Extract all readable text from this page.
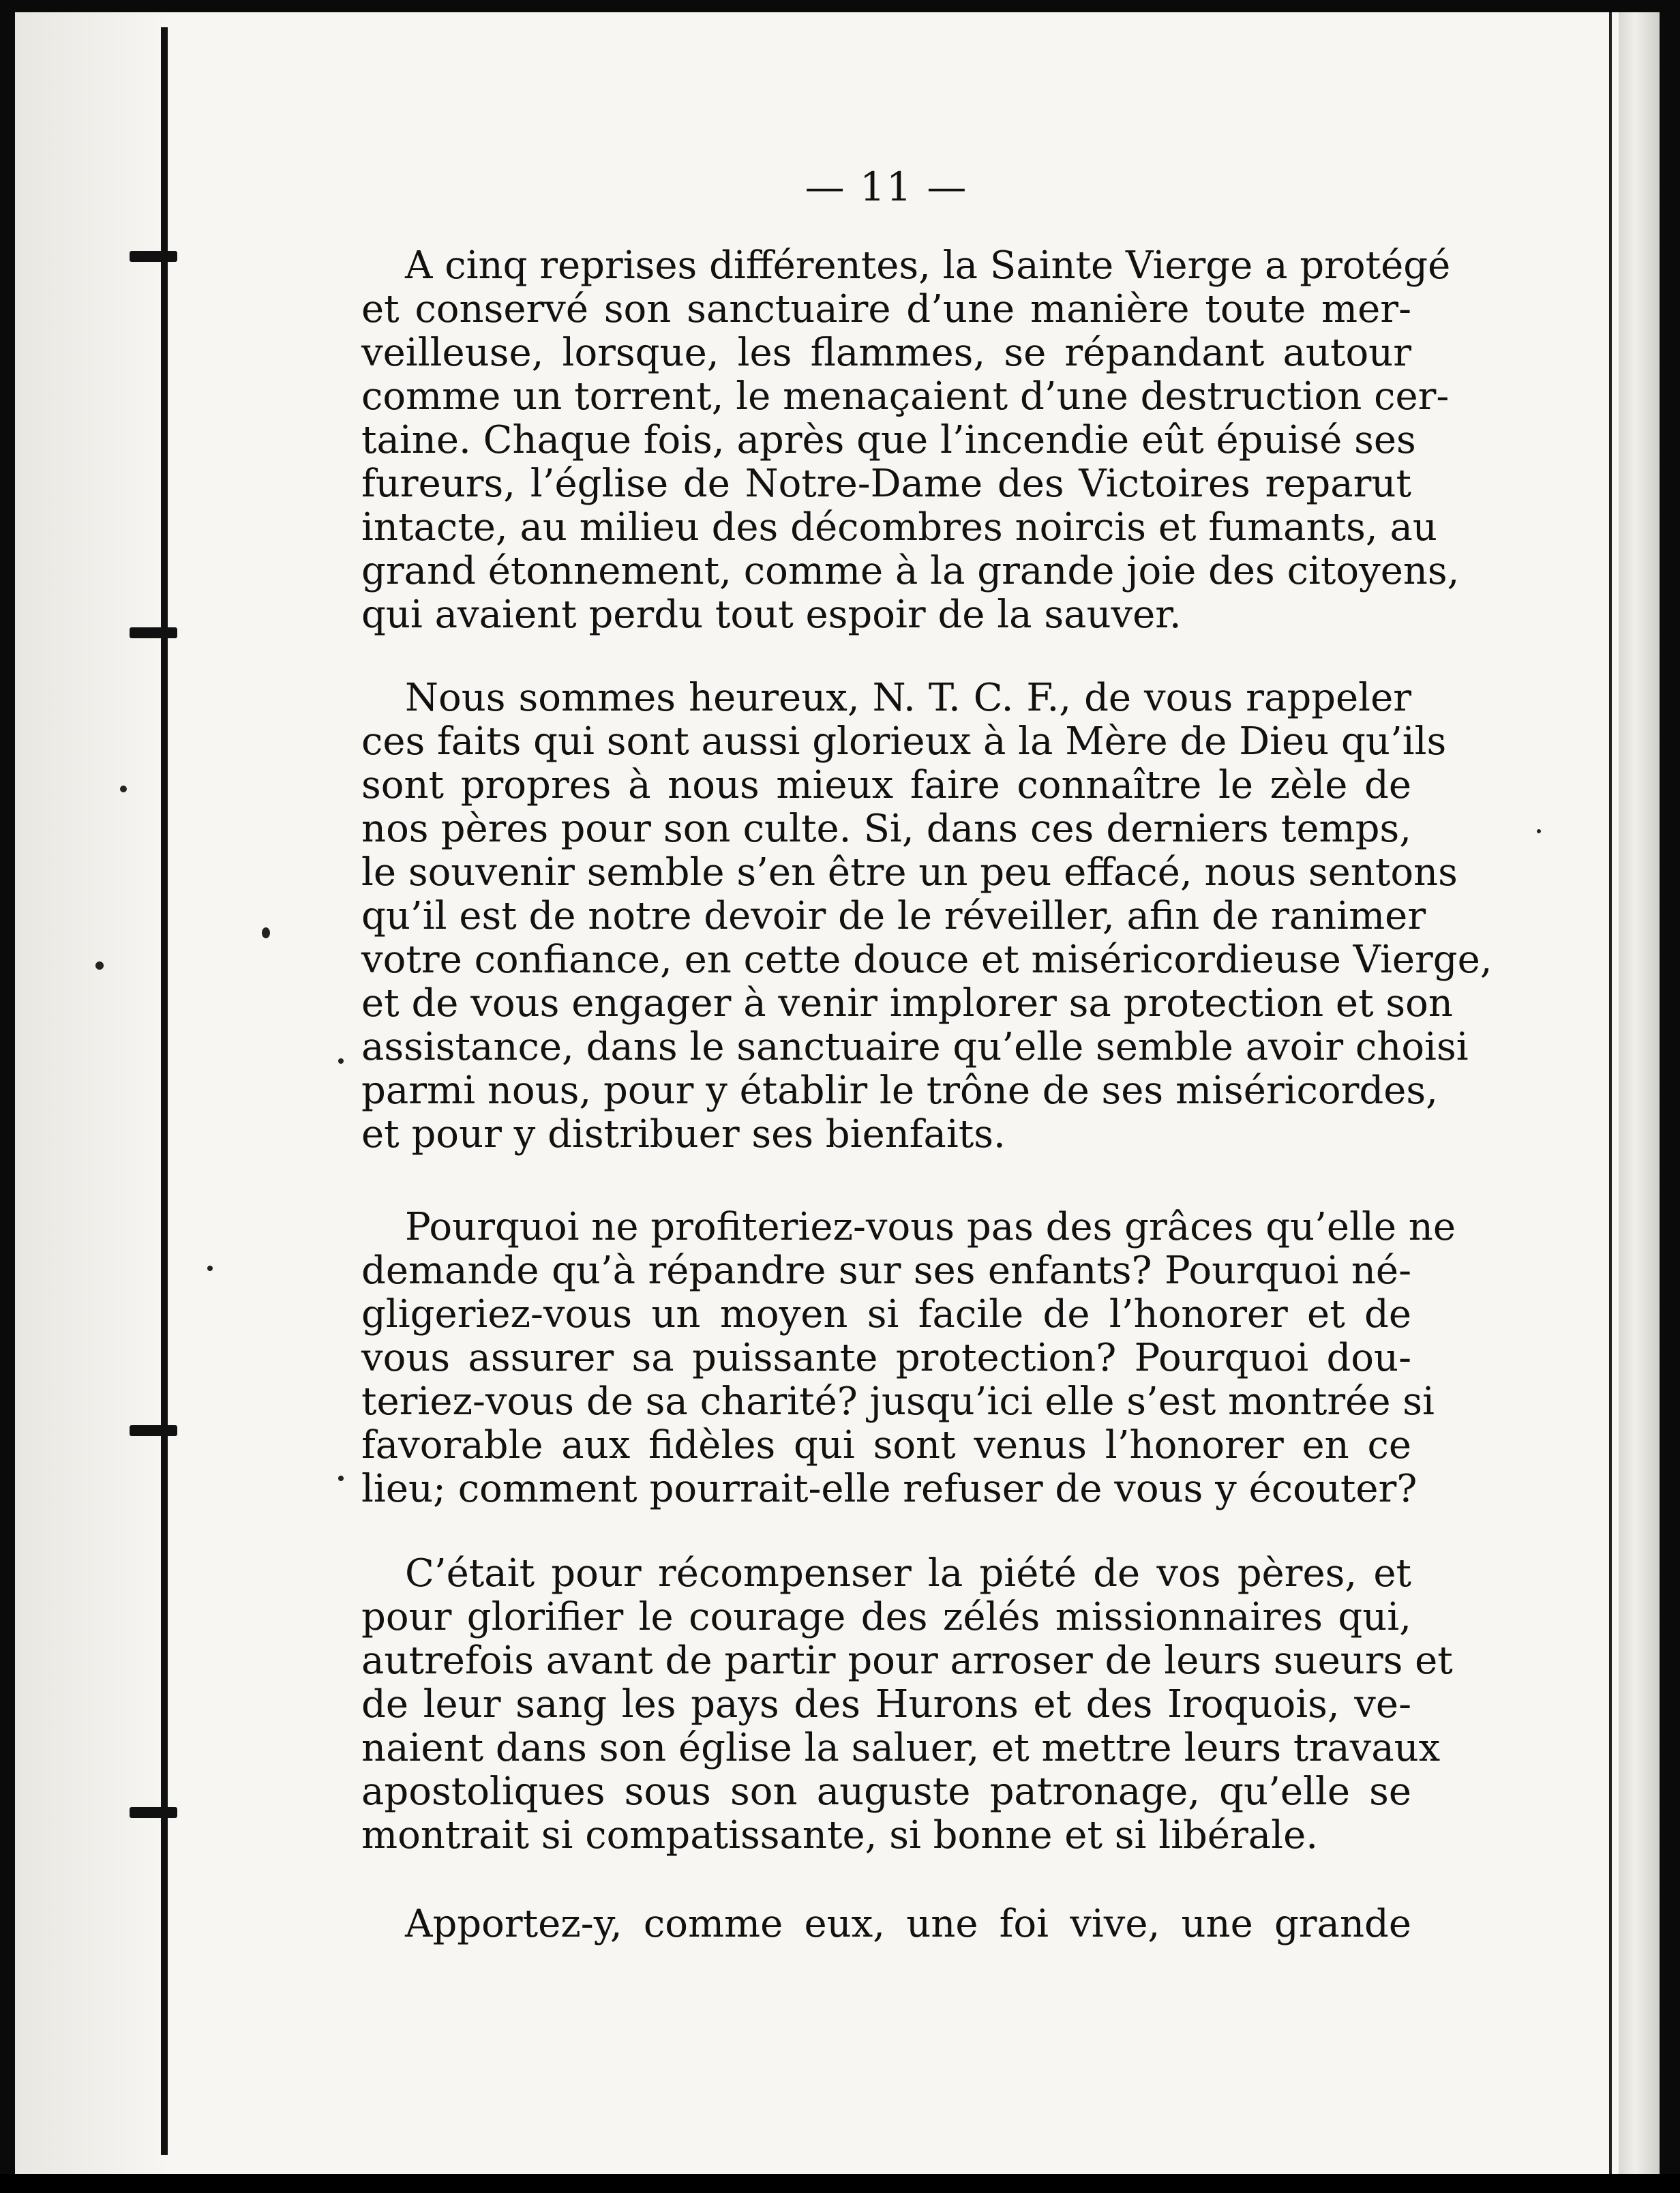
— 11 —
A cinq reprises différentes, la Sainte Vierge a protégé
et conservé son sanctuaire d’une manière toute mer-
veilleuse, lorsque, les flammes, se répandant autour
comme un torrent, le menaçaient d’une destruction cer-
taine. Chaque fois, après que l’incendie eût épuisé ses
fureurs, l’église de Notre-Dame des Victoires reparut
intacte, au milieu des décombres noircis et fumants, au
grand étonnement, comme à la grande joie des citoyens,
qui avaient perdu tout espoir de la sauver.
Nous sommes heureux, N. T. C. F., de vous rappeler
ces faits qui sont aussi glorieux à la Mère de Dieu qu’ils
sont propres à nous mieux faire connaître le zèle de
nos pères pour son culte. Si, dans ces derniers temps,
le souvenir semble s’en être un peu effacé, nous sentons
qu’il est de notre devoir de le réveiller, afin de ranimer
votre confiance, en cette douce et miséricordieuse Vierge,
et de vous engager à venir implorer sa protection et son
assistance, dans le sanctuaire qu’elle semble avoir choisi
parmi nous, pour y établir le trône de ses miséricordes,
et pour y distribuer ses bienfaits.
Pourquoi ne profiteriez-vous pas des grâces qu’elle ne
demande qu’à répandre sur ses enfants? Pourquoi né-
gligeriez-vous un moyen si facile de l’honorer et de
vous assurer sa puissante protection? Pourquoi dou-
teriez-vous de sa charité? jusqu’ici elle s’est montrée si
favorable aux fidèles qui sont venus l’honorer en ce
lieu; comment pourrait-elle refuser de vous y écouter?
C’était pour récompenser la piété de vos pères, et
pour glorifier le courage des zélés missionnaires qui,
autrefois avant de partir pour arroser de leurs sueurs et
de leur sang les pays des Hurons et des Iroquois, ve-
naient dans son église la saluer, et mettre leurs travaux
apostoliques sous son auguste patronage, qu’elle se
montrait si compatissante, si bonne et si libérale.
Apportez-y, comme eux, une foi vive, une grande
